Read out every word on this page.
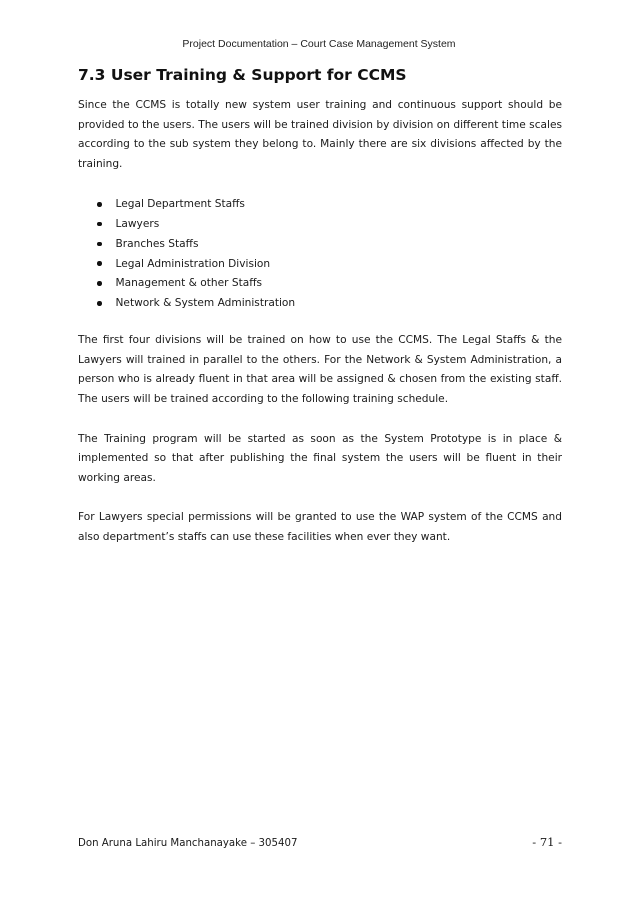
Project Documentation – Court Case Management System
7.3 User Training & Support for CCMS

Since the CCMS is totally new system user training and continuous support should be provided to the users. The users will be trained division by division on different time scales according to the sub system they belong to. Mainly there are six divisions affected by the training.

Legal Department Staffs
Lawyers
Branches Staffs
Legal Administration Division
Management & other Staffs
Network & System Administration

The first four divisions will be trained on how to use the CCMS. The Legal Staffs & the Lawyers will trained in parallel to the others. For the Network & System Administration, a person who is already fluent in that area will be assigned & chosen from the existing staff. The users will be trained according to the following training schedule.

The Training program will be started as soon as the System Prototype is in place & implemented so that after publishing the final system the users will be fluent in their working areas.

For Lawyers special permissions will be granted to use the WAP system of the CCMS and also department’s staffs can use these facilities when ever they want.

Don Aruna Lahiru Manchanayake – 305407	- 71 -
